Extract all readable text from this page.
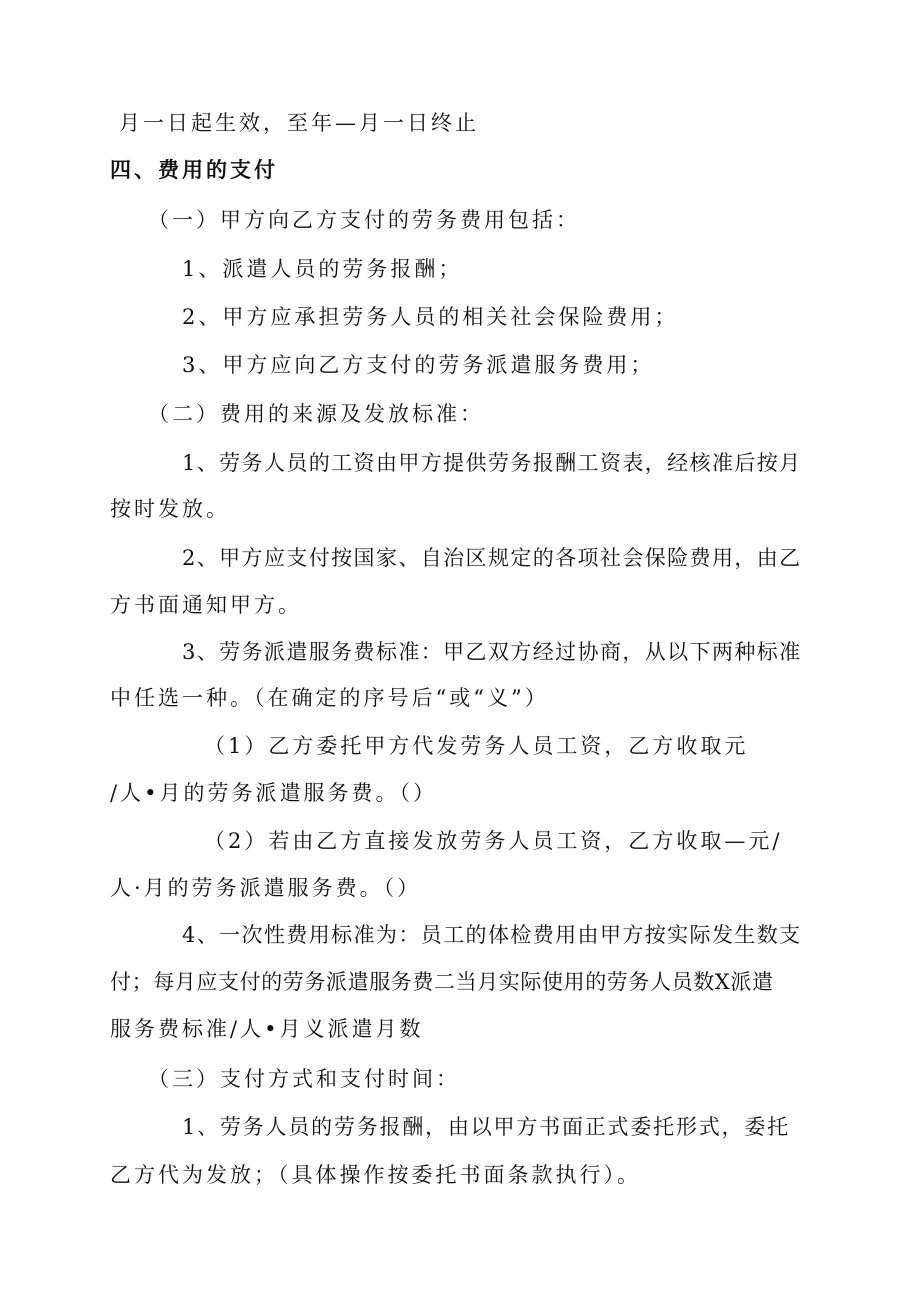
月一日起生效，至年—月一日终止
四、费用的支付
（一）甲方向乙方支付的劳务费用包括：
1、派遣人员的劳务报酬；
2、甲方应承担劳务人员的相关社会保险费用；
3、甲方应向乙方支付的劳务派遣服务费用；
（二）费用的来源及发放标准：
1、劳务人员的工资由甲方提供劳务报酬工资表，经核准后按月
按时发放。
2、甲方应支付按国家、自治区规定的各项社会保险费用，由乙
方书面通知甲方。
3、劳务派遣服务费标准：甲乙双方经过协商，从以下两种标准
中任选一种。（在确定的序号后“或“义”）
（1）乙方委托甲方代发劳务人员工资，乙方收取元
/人•月的劳务派遣服务费。（）
（2）若由乙方直接发放劳务人员工资，乙方收取—元/
人·月的劳务派遣服务费。（）
4、一次性费用标准为：员工的体检费用由甲方按实际发生数支
付；每月应支付的劳务派遣服务费二当月实际使用的劳务人员数X派遣
服务费标准/人•月义派遣月数
（三）支付方式和支付时间：
1、劳务人员的劳务报酬，由以甲方书面正式委托形式，委托
乙方代为发放；（具体操作按委托书面条款执行）。
